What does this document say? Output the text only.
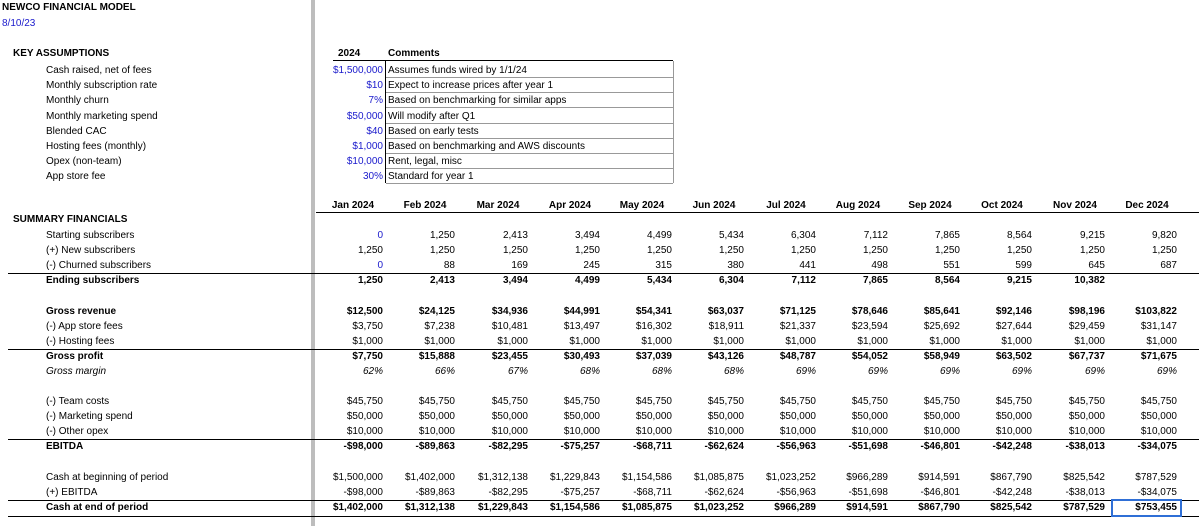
NEWCO FINANCIAL MODEL
8/10/23
KEY ASSUMPTIONS	2024	Comments
Cash raised, net of fees	$1,500,000 Assumes funds wired by 1/1/24
Monthly subscription rate	$10 Expect to increase prices after year 1
Monthly churn	7% Based on benchmarking for similar apps
Monthly marketing spend	$50,000 Will modify after Q1
Blended CAC	$40 Based on early tests
Hosting fees (monthly)	$1,000 Based on benchmarking and AWS discounts
Opex (non-team)	$10,000 Rent, legal, misc
App store fee	30% Standard for year 1
Jan 2024	Feb 2024	Mar 2024	Apr 2024	May 2024	Jun 2024	Jul 2024	Aug 2024	Sep 2024	Oct 2024	Nov 2024	Dec 2024
Starting subscribers	0	1,250	2,413	3,494	4,499	5,434	6,304	7,112	7,865	8,564	9,215	9,820
(+) New subscribers	1,250	1,250	1,250	1,250	1,250	1,250	1,250	1,250	1,250	1,250	1,250	1,250
(-) Churned subscribers	0	88	169	245	315	380	441	498	551	599	645	687
Ending subscribers	1,250	2,413	3,494	4,499	5,434	6,304	7,112	7,865	8,564	9,215	10,382
Gross revenue	$12,500	$24,125	$34,936	$44,991	$54,341	$63,037	$71,125	$78,646	$85,641	$92,146	$98,196	$103,822
(-) App store fees	$3,750	$7,238	$10,481	$13,497	$16,302	$18,911	$21,337	$23,594	$25,692	$27,644	$29,459	$31,147
(-) Hosting fees	$1,000	$1,000	$1,000	$1,000	$1,000	$1,000	$1,000	$1,000	$1,000	$1,000	$1,000	$1,000
Gross profit	$7,750	$15,888	$23,455	$30,493	$37,039	$43,126	$48,787	$54,052	$58,949	$63,502	$67,737	$71,675
Gross margin	62%	66%	67%	68%	68%	68%	69%	69%	69%	69%	69%	69%
(-) Team costs	$45,750	$45,750	$45,750	$45,750	$45,750	$45,750	$45,750	$45,750	$45,750	$45,750	$45,750	$45,750
(-) Marketing spend	$50,000	$50,000	$50,000	$50,000	$50,000	$50,000	$50,000	$50,000	$50,000	$50,000	$50,000	$50,000
(-) Other opex	$10,000	$10,000	$10,000	$10,000	$10,000	$10,000	$10,000	$10,000	$10,000	$10,000	$10,000	$10,000
EBITDA	-$98,000	-$89,863	-$82,295	-$75,257	-$68,711	-$62,624	-$56,963	-$51,698	-$46,801	-$42,248	-$38,013	-$34,075
Cash at beginning of period	$1,500,000	$1,402,000	$1,312,138	$1,229,843	$1,154,586	$1,085,875	$1,023,252	$966,289	$914,591	$867,790	$825,542	$787,529
(+) EBITDA	-$98,000	-$89,863	-$82,295	-$75,257	-$68,711	-$62,624	-$56,963	-$51,698	-$46,801	-$42,248	-$38,013	-$34,075
Cash at end of period	$1,402,000	$1,312,138	$1,229,843	$1,154,586	$1,085,875	$1,023,252	$966,289	$914,591	$867,790	$825,542	$787,529	$753,455
SUMMARY FINANCIALS
